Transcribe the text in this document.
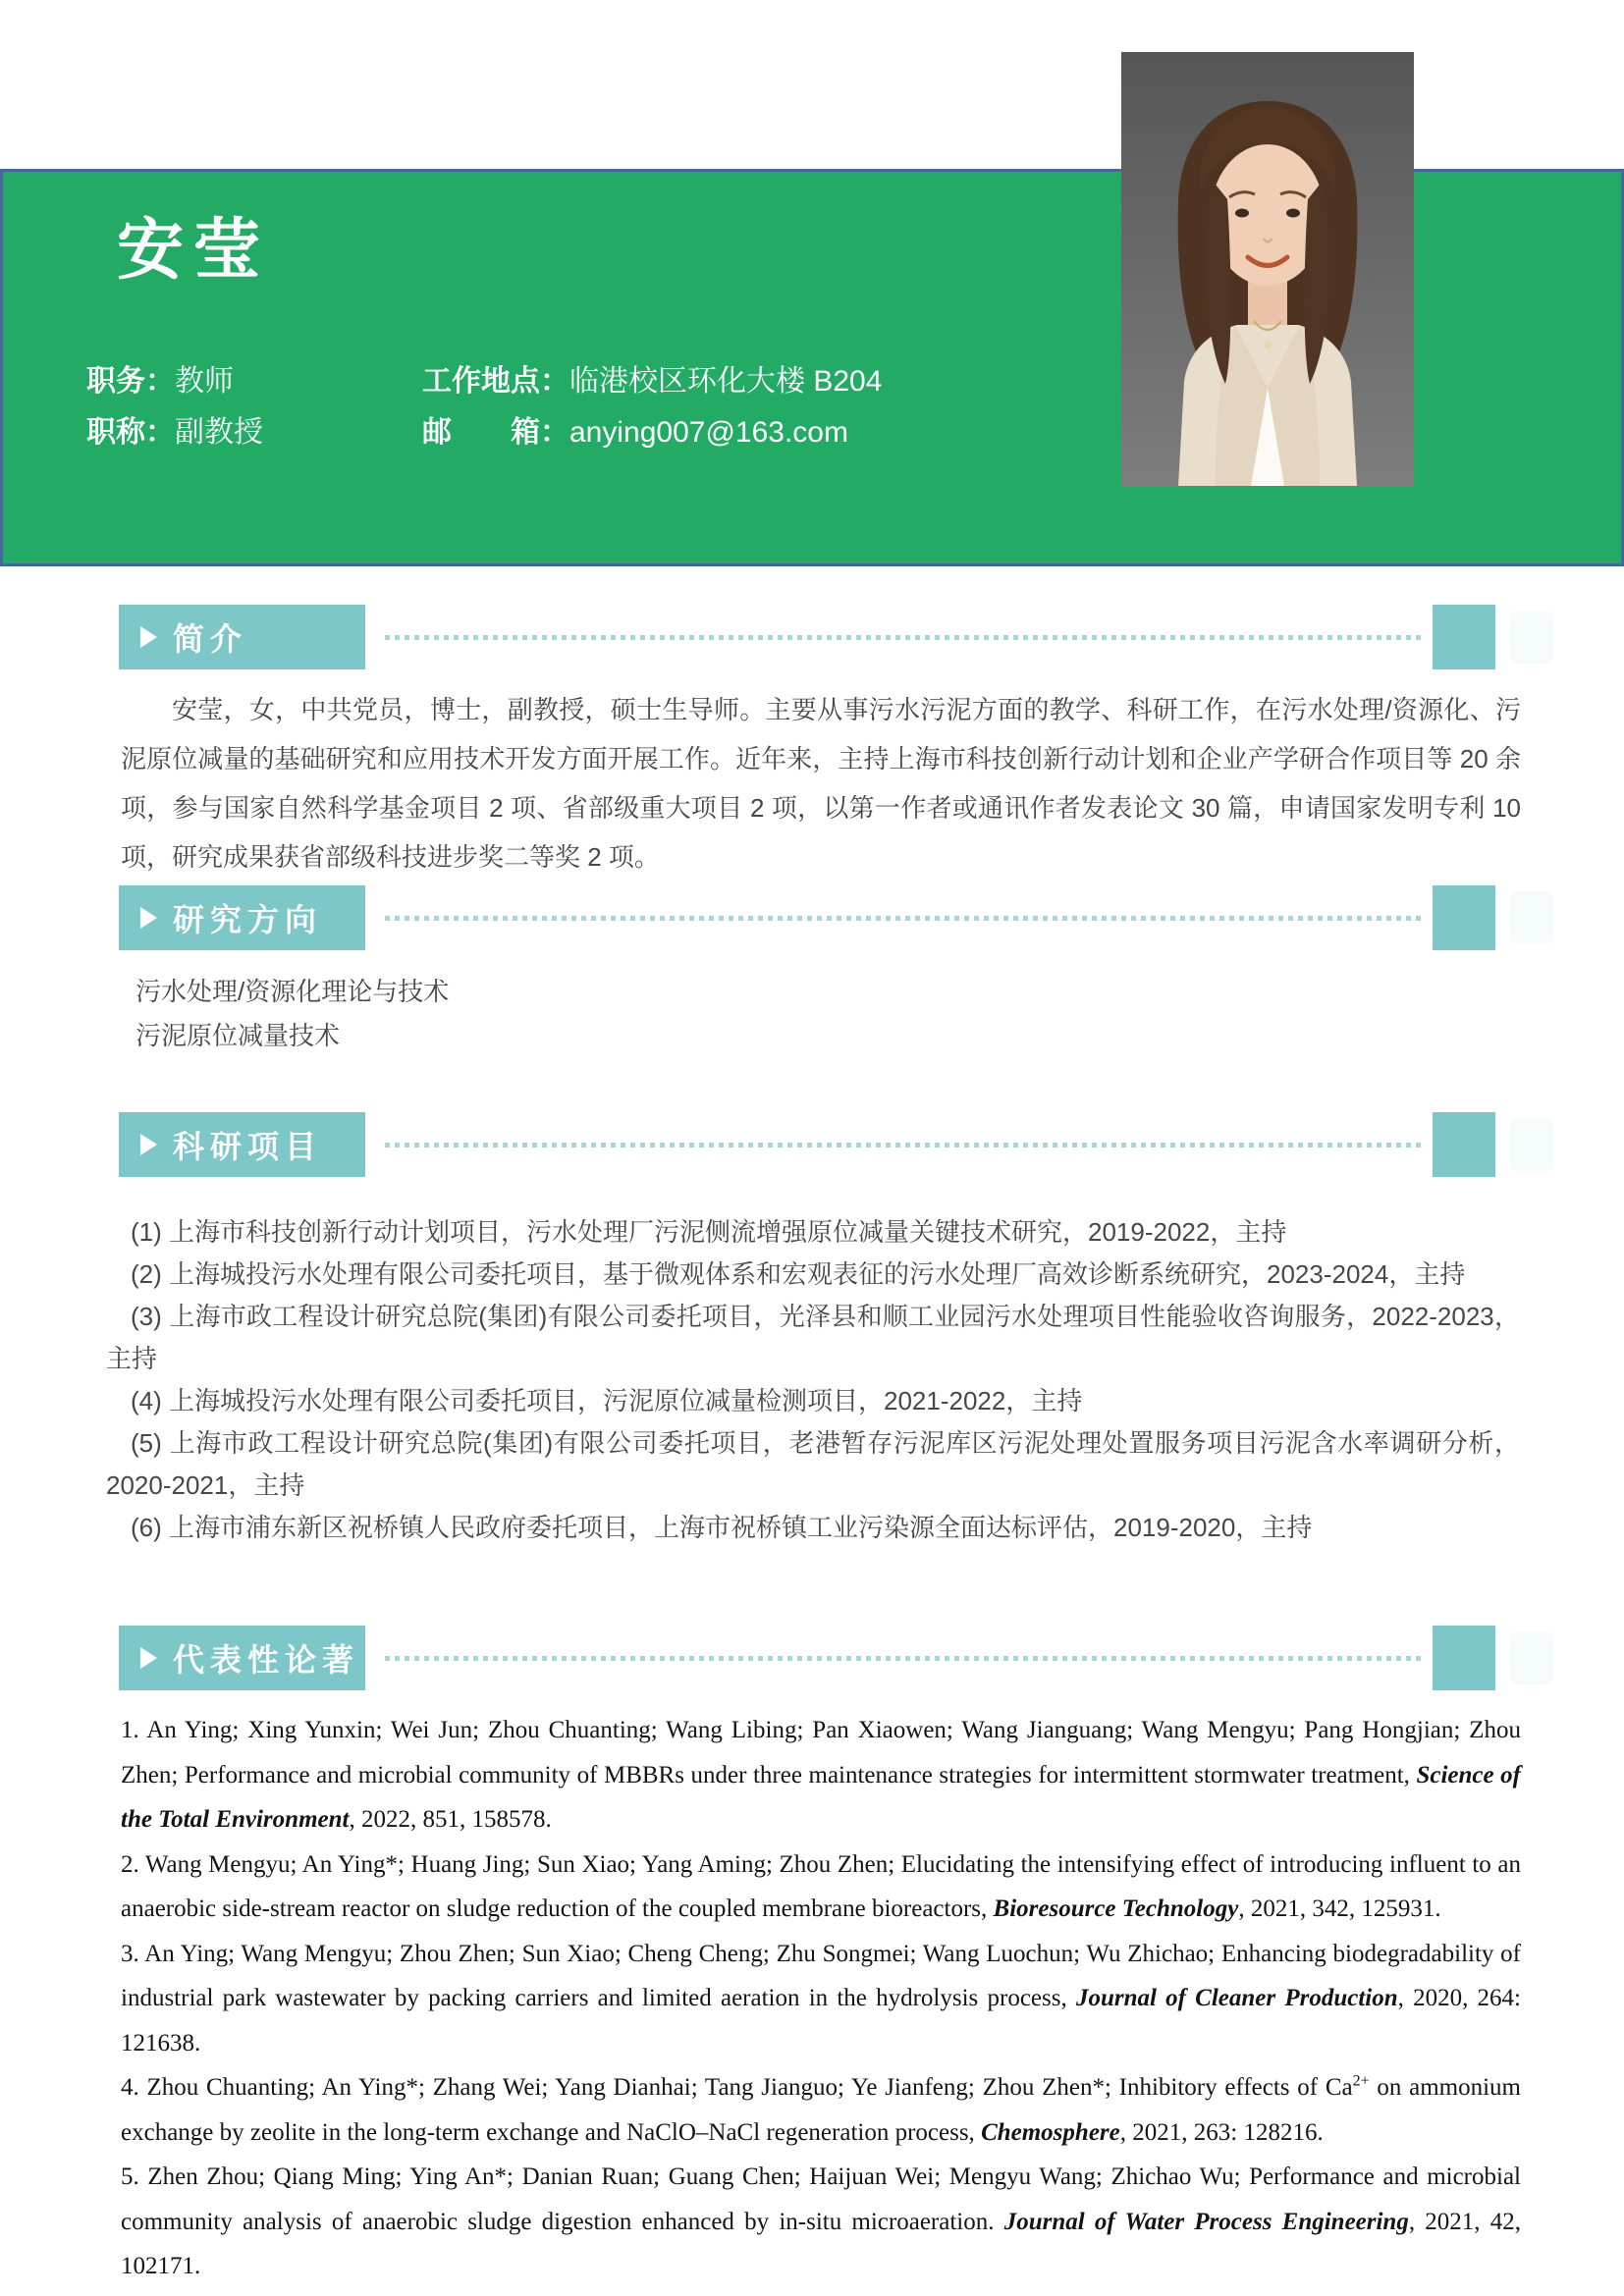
安莹
职务：教师	工作地点：临港校区环化大楼 B204
职称：副教授	邮　　箱：anying007@163.com
简介

安莹，女，中共党员，博士，副教授，硕士生导师。主要从事污水污泥方面的教学、科研工作，在污水处理/资源化、污泥原位减量的基础研究和应用技术开发方面开展工作。近年来，主持上海市科技创新行动计划和企业产学研合作项目等 20 余项，参与国家自然科学基金项目 2 项、省部级重大项目 2 项，以第一作者或通讯作者发表论文 30 篇，申请国家发明专利 10 项，研究成果获省部级科技进步奖二等奖 2 项。

研究方向
污水处理/资源化理论与技术
污泥原位减量技术
科研项目

(1) 上海市科技创新行动计划项目，污水处理厂污泥侧流增强原位减量关键技术研究，2019-2022，主持

(2) 上海城投污水处理有限公司委托项目，基于微观体系和宏观表征的污水处理厂高效诊断系统研究，2023-2024，主持

(3) 上海市政工程设计研究总院(集团)有限公司委托项目，光泽县和顺工业园污水处理项目性能验收咨询服务，2022-2023，主持

(4) 上海城投污水处理有限公司委托项目，污泥原位减量检测项目，2021-2022，主持

(5) 上海市政工程设计研究总院(集团)有限公司委托项目，老港暂存污泥库区污泥处理处置服务项目污泥含水率调研分析，2020-2021，主持

(6) 上海市浦东新区祝桥镇人民政府委托项目，上海市祝桥镇工业污染源全面达标评估，2019-2020，主持

代表性论著

1. An Ying; Xing Yunxin; Wei Jun; Zhou Chuanting; Wang Libing; Pan Xiaowen; Wang Jianguang; Wang Mengyu; Pang Hongjian; Zhou Zhen; Performance and microbial community of MBBRs under three maintenance strategies for intermittent stormwater treatment, Science of the Total Environment, 2022, 851, 158578.

2. Wang Mengyu; An Ying*; Huang Jing; Sun Xiao; Yang Aming; Zhou Zhen; Elucidating the intensifying effect of introducing influent to an anaerobic side-stream reactor on sludge reduction of the coupled membrane bioreactors, Bioresource Technology, 2021, 342, 125931.

3. An Ying; Wang Mengyu; Zhou Zhen; Sun Xiao; Cheng Cheng; Zhu Songmei; Wang Luochun; Wu Zhichao; Enhancing biodegradability of industrial park wastewater by packing carriers and limited aeration in the hydrolysis process, Journal of Cleaner Production, 2020, 264: 121638.

4. Zhou Chuanting; An Ying*; Zhang Wei; Yang Dianhai; Tang Jianguo; Ye Jianfeng; Zhou Zhen*; Inhibitory effects of $Ca^{2+}$ on ammonium exchange by zeolite in the long-term exchange and NaClO–NaCl regeneration process, Chemosphere, 2021, 263: 128216.

5. Zhen Zhou; Qiang Ming; Ying An*; Danian Ruan; Guang Chen; Haijuan Wei; Mengyu Wang; Zhichao Wu; Performance and microbial community analysis of anaerobic sludge digestion enhanced by in-situ microaeration. Journal of Water Process Engineering, 2021, 42, 102171.
